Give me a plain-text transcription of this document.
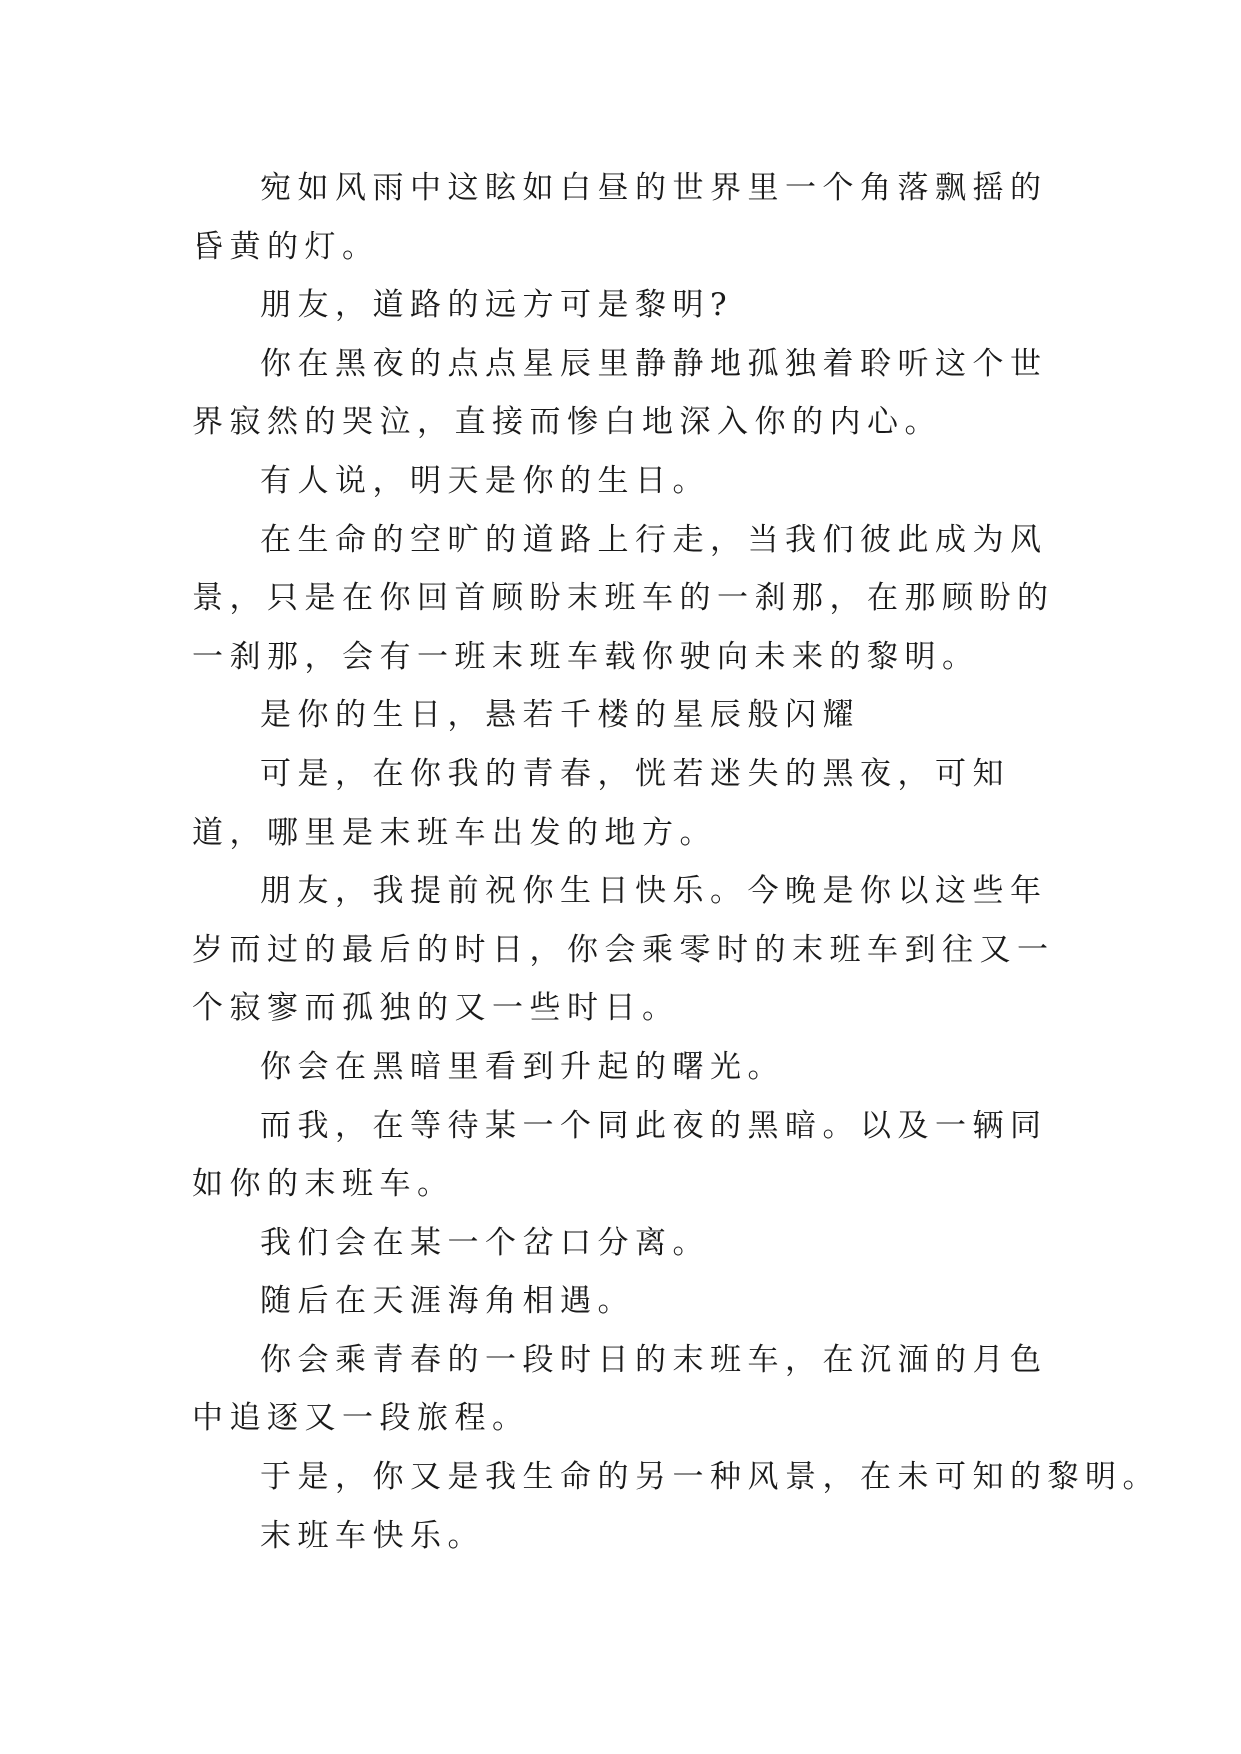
宛如风雨中这眩如白昼的世界里一个角落飘摇的昏黄的灯。

朋友，道路的远方可是黎明?

你在黑夜的点点星辰里静静地孤独着聆听这个世界寂然的哭泣，直接而惨白地深入你的内心。

有人说，明天是你的生日。

在生命的空旷的道路上行走，当我们彼此成为风景，只是在你回首顾盼末班车的一刹那，在那顾盼的一刹那，会有一班末班车载你驶向未来的黎明。

是你的生日，悬若千楼的星辰般闪耀

可是，在你我的青春，恍若迷失的黑夜，可知道，哪里是末班车出发的地方。

朋友，我提前祝你生日快乐。今晚是你以这些年岁而过的最后的时日，你会乘零时的末班车到往又一个寂寥而孤独的又一些时日。

你会在黑暗里看到升起的曙光。

而我，在等待某一个同此夜的黑暗。以及一辆同如你的末班车。

我们会在某一个岔口分离。

随后在天涯海角相遇。

你会乘青春的一段时日的末班车，在沉湎的月色中追逐又一段旅程。

于是，你又是我生命的另一种风景，在未可知的黎明。

末班车快乐。
